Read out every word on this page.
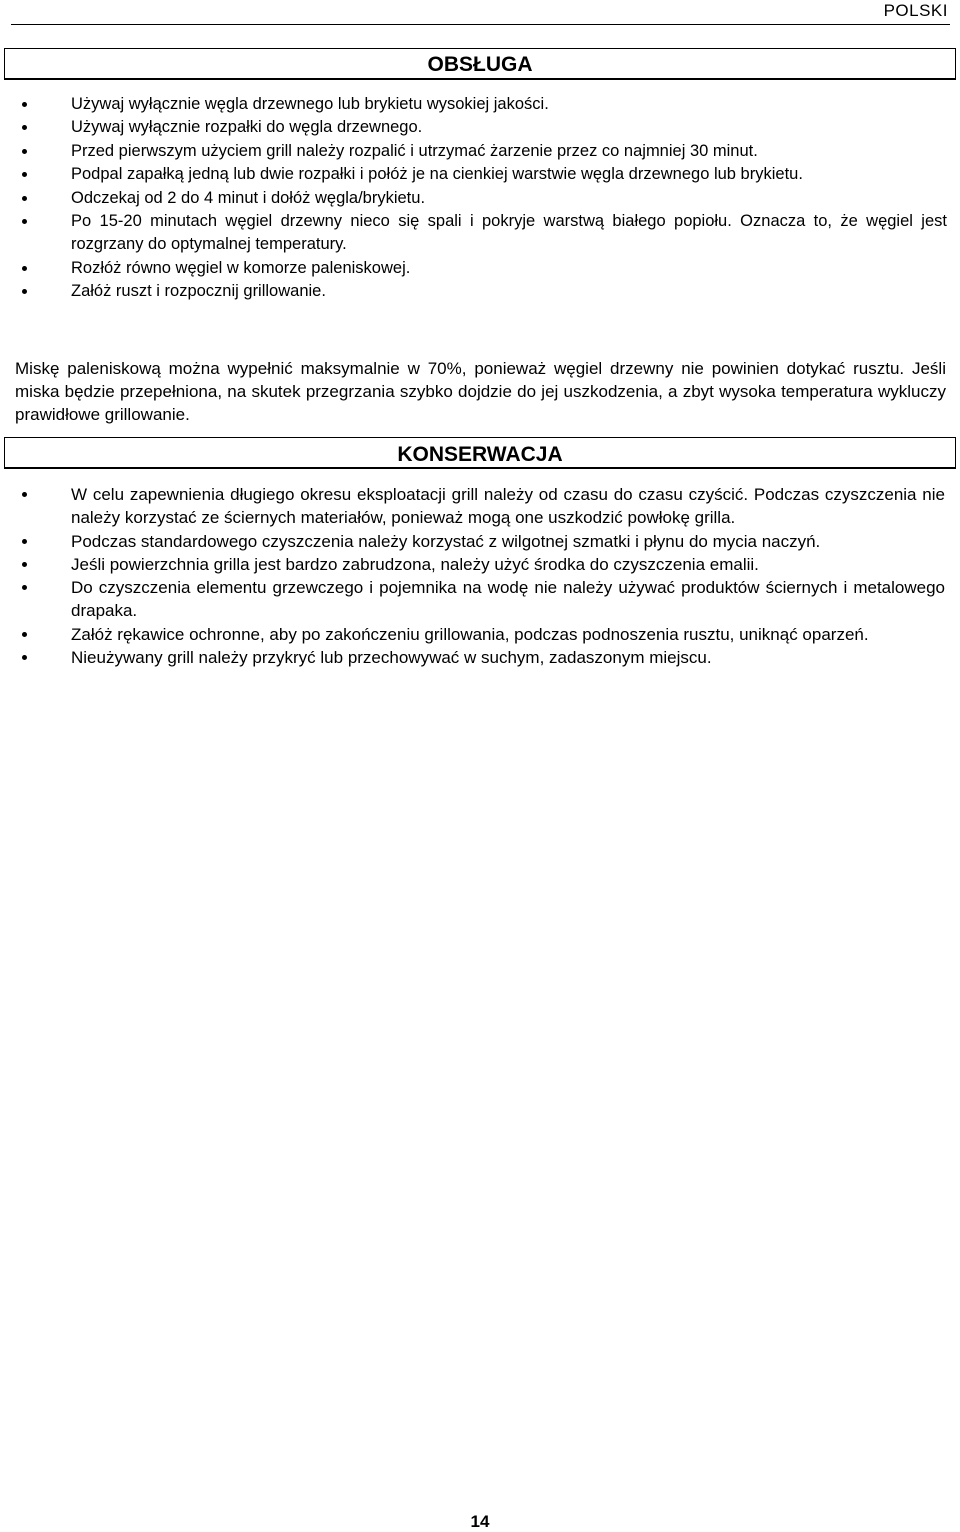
POLSKI
OBSŁUGA
Używaj wyłącznie węgla drzewnego lub brykietu wysokiej jakości.
Używaj wyłącznie rozpałki do węgla drzewnego.
Przed pierwszym użyciem grill należy rozpalić i utrzymać żarzenie przez co najmniej 30 minut.
Podpal zapałką jedną lub dwie rozpałki i połóż je na cienkiej warstwie węgla drzewnego lub brykietu.
Odczekaj od 2 do 4 minut i dołóż węgla/brykietu.
Po 15-20 minutach węgiel drzewny nieco się spali i pokryje warstwą białego popiołu. Oznacza to, że węgiel jest rozgrzany do optymalnej temperatury.
Rozłóż równo węgiel w komorze paleniskowej.
Załóż ruszt i rozpocznij grillowanie.

Miskę paleniskową można wypełnić maksymalnie w 70%, ponieważ węgiel drzewny nie powinien dotykać rusztu. Jeśli miska będzie przepełniona, na skutek przegrzania szybko dojdzie do jej uszkodzenia, a zbyt wysoka temperatura wykluczy prawidłowe grillowanie.

KONSERWACJA
W celu zapewnienia długiego okresu eksploatacji grill należy od czasu do czasu czyścić. Podczas czyszczenia nie należy korzystać ze ściernych materiałów, ponieważ mogą one uszkodzić powłokę grilla.
Podczas standardowego czyszczenia należy korzystać z wilgotnej szmatki i płynu do mycia naczyń.
Jeśli powierzchnia grilla jest bardzo zabrudzona, należy użyć środka do czyszczenia emalii.
Do czyszczenia elementu grzewczego i pojemnika na wodę nie należy używać produktów ściernych i metalowego drapaka.
Załóż rękawice ochronne, aby po zakończeniu grillowania, podczas podnoszenia rusztu, uniknąć oparzeń.
Nieużywany grill należy przykryć lub przechowywać w suchym, zadaszonym miejscu.
14
